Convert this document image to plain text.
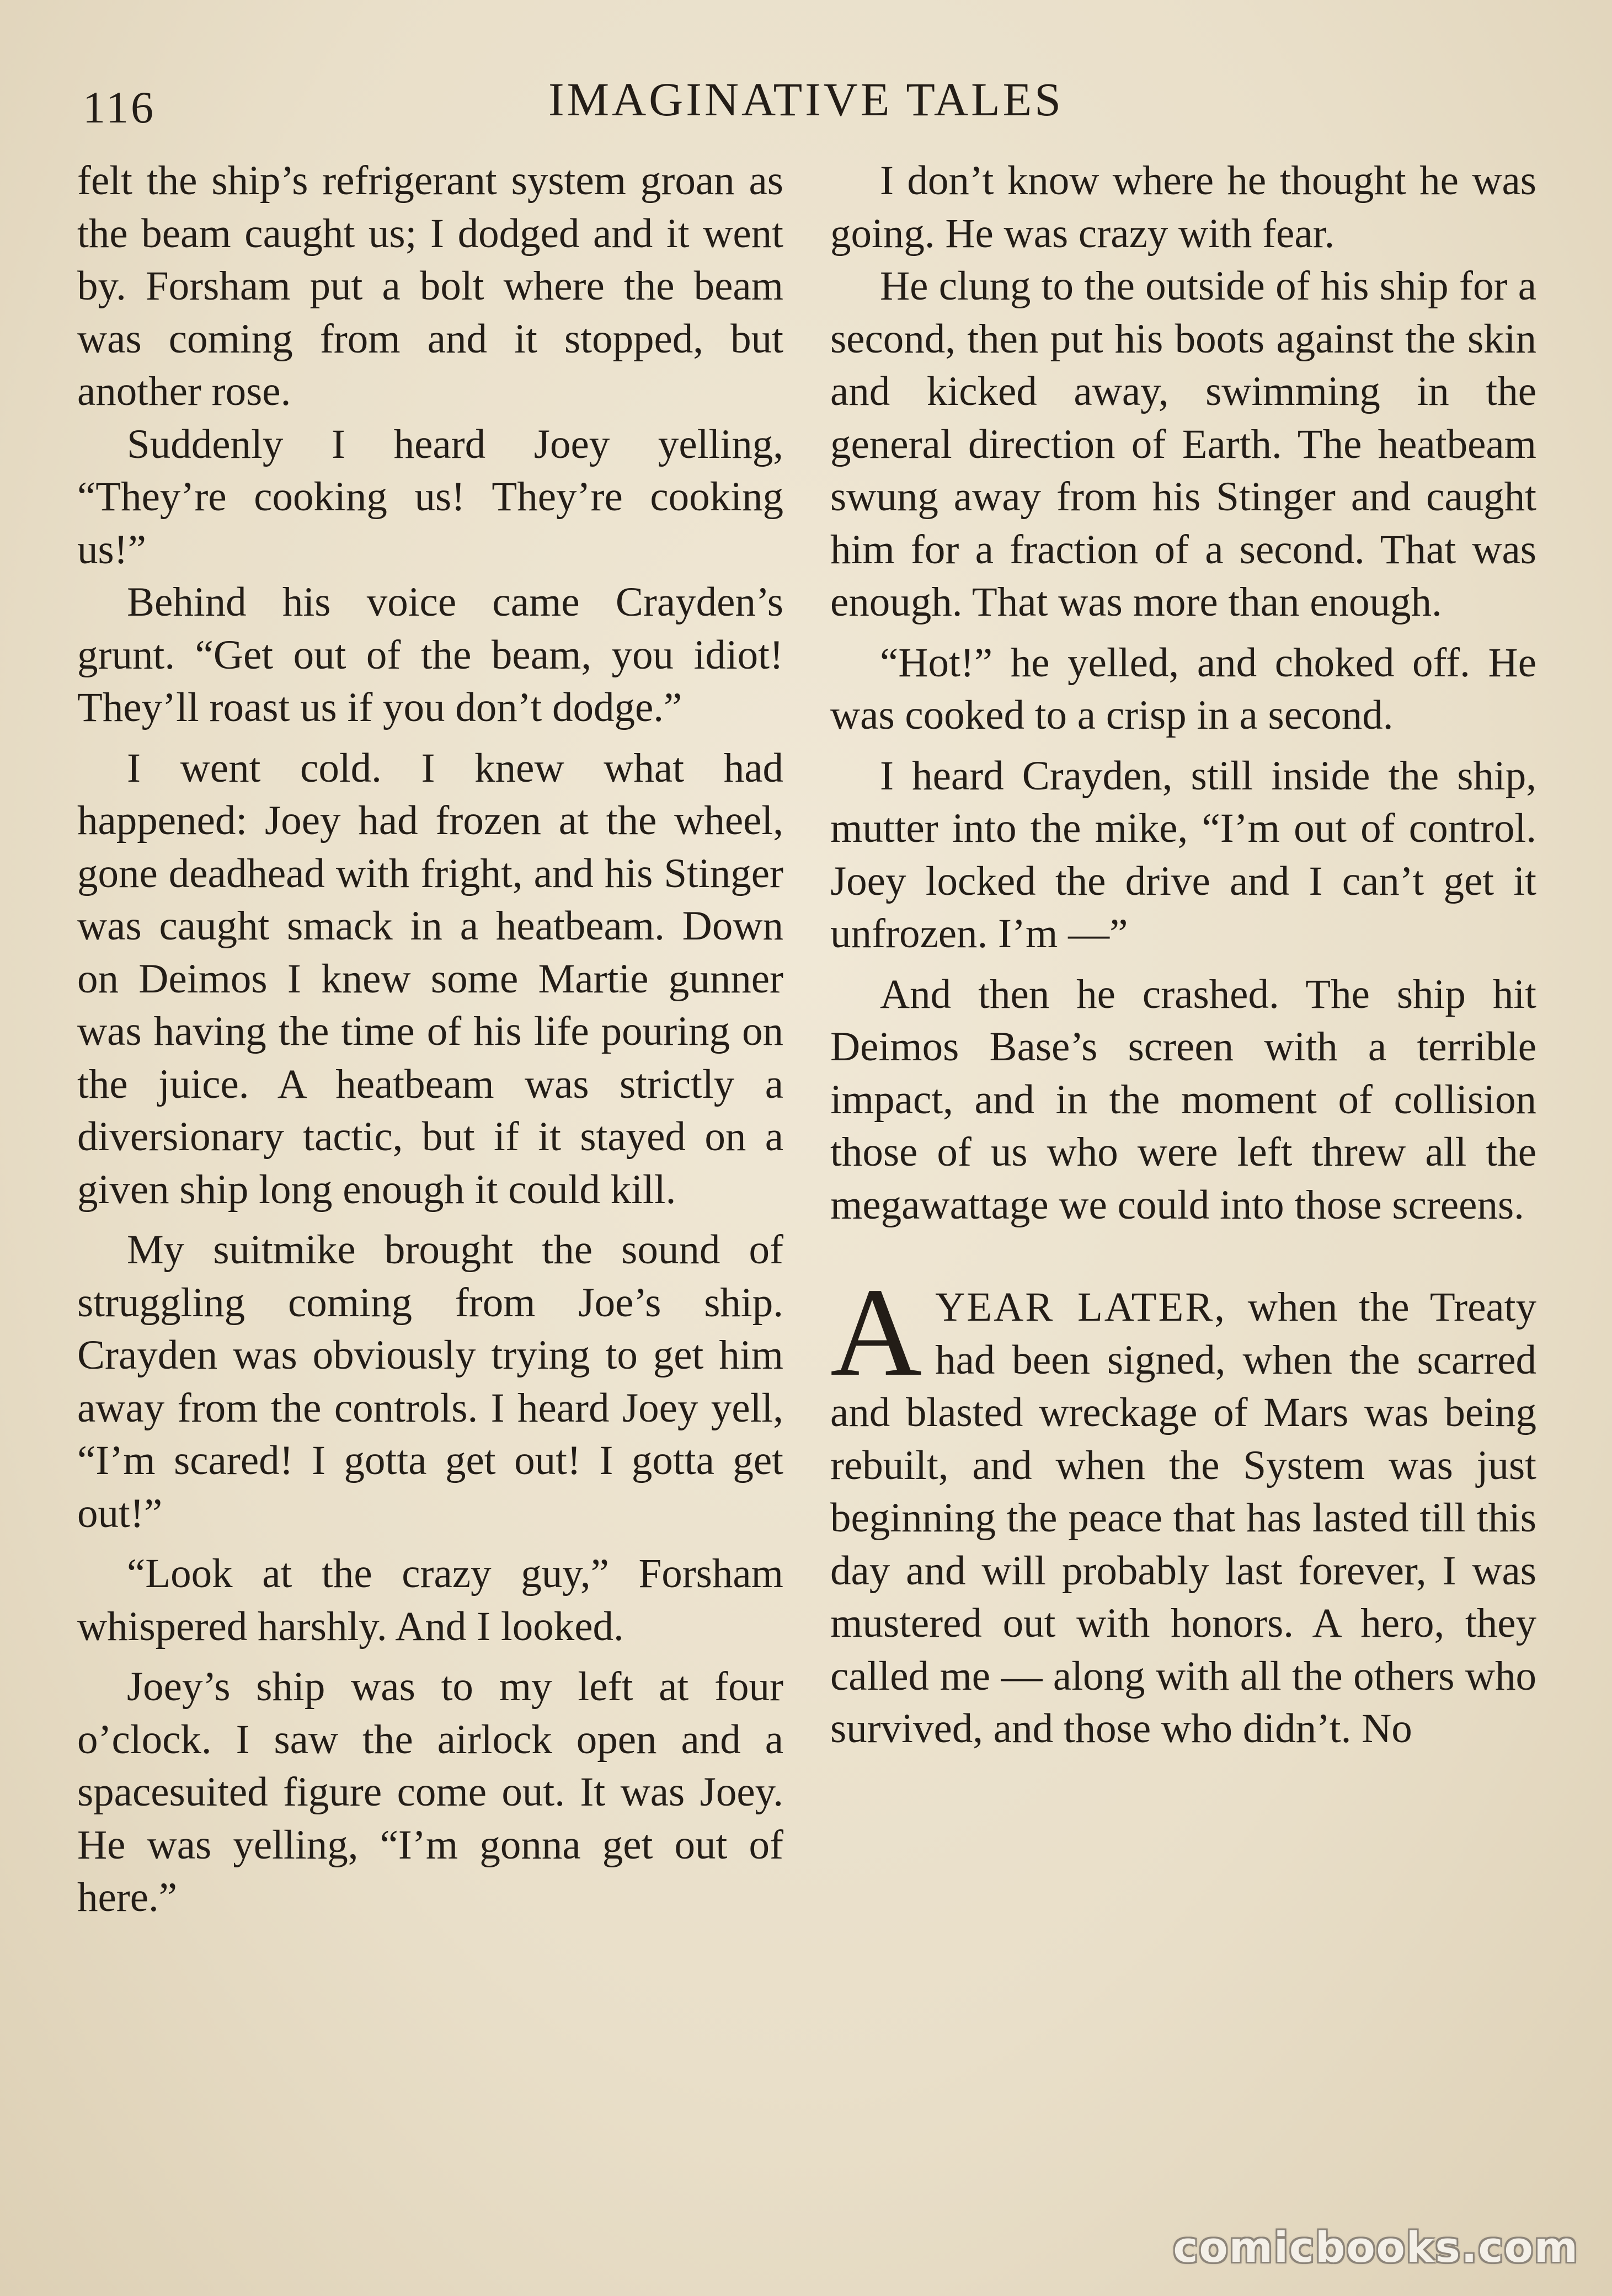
116	IMAGINATIVE TALES

felt the ship’s refrigerant system groan as the beam caught us; I dodged and it went by. Forsham put a bolt where the beam was coming from and it stopped, but another rose.

Suddenly I heard Joey yelling, “They’re cooking us! They’re cooking us!”

Behind his voice came Crayden’s grunt. “Get out of the beam, you idiot! They’ll roast us if you don’t dodge.”

I went cold. I knew what had happened: Joey had frozen at the wheel, gone deadhead with fright, and his Stinger was caught smack in a heatbeam. Down on Deimos I knew some Martie gunner was having the time of his life pouring on the juice. A heatbeam was strictly a diversionary tactic, but if it stayed on a given ship long enough it could kill.

My suitmike brought the sound of struggling coming from Joe’s ship. Crayden was obviously trying to get him away from the controls. I heard Joey yell, “I’m scared! I gotta get out! I gotta get out!”

“Look at the crazy guy,” Forsham whispered harshly. And I looked.

Joey’s ship was to my left at four o’clock. I saw the airlock open and a spacesuited figure come out. It was Joey. He was yelling, “I’m gonna get out of here.”

I don’t know where he thought he was going. He was crazy with fear.

He clung to the outside of his ship for a second, then put his boots against the skin and kicked away, swimming in the general direction of Earth. The heatbeam swung away from his Stinger and caught him for a fraction of a second. That was enough. That was more than enough.

“Hot!” he yelled, and choked off. He was cooked to a crisp in a second.

I heard Crayden, still inside the ship, mutter into the mike, “I’m out of control. Joey locked the drive and I can’t get it unfrozen. I’m —”

And then he crashed. The ship hit Deimos Base’s screen with a terrible impact, and in the moment of collision those of us who were left threw all the megawattage we could into those screens.

AYEAR LATER, when the Treaty had been signed, when the scarred and blasted wreckage of Mars was being rebuilt, and when the System was just beginning the peace that has lasted till this day and will probably last forever, I was mustered out with honors. A hero, they called me — along with all the others who survived, and those who didn’t. No

comicbooks.com
